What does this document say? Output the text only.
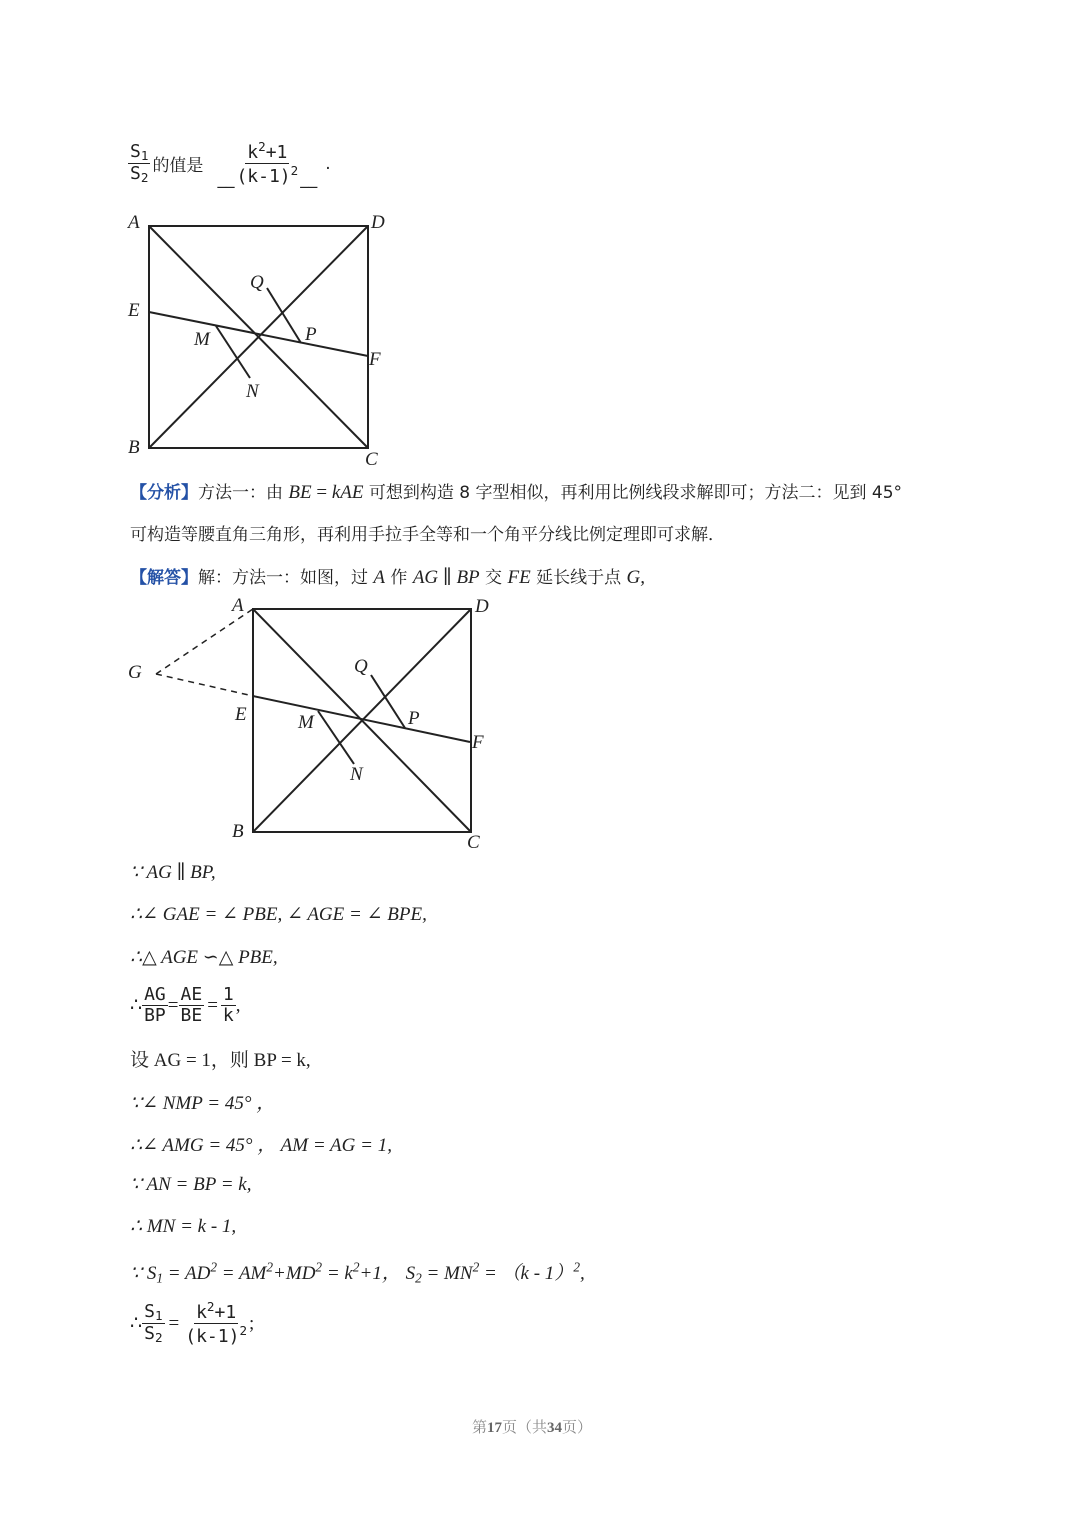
$\frac{S_1}{S_2}$ 的值是
__ $\frac{k^2+1}{(k-1)^2}$ __
.
A	D
E
Q
M	P
F
N
B
C
【分析】方法一：由 BE = kAE 可想到构造 8 字型相似，再利用比例线段求解即可；方法二：见到 45°
可构造等腰直角三角形，再利用手拉手全等和一个角平分线比例定理即可求解．
【解答】解：方法一：如图，过 A 作 AG ∥ BP 交 FE 延长线于点 G,
A	D
G	Q
E	M	P
F
N
B
C
∵ AG ∥ BP,
∴∠ GAE = ∠ PBE, ∠ AGE = ∠ BPE,
∴△ AGE ∽△ PBE,
∴ $\frac{AG}{BP} = \frac{AE}{BE} = \frac{1}{k}$ ,
设 AG = 1，则 BP = k,
∵∠ NMP = 45° ，
∴∠ AMG = 45° ， AM = AG = 1,
∵ AN = BP = k,
∴ MN = k - 1,
∵ $S_1 = AD^2 = AM^2+MD^2 = k^2+1$， $S_2 = MN^2 = (k - 1)^2$,
∴ $\frac{S_1}{S_2} = \frac{k^2+1}{(k-1)^2}$ ;
第17页（共34页）
